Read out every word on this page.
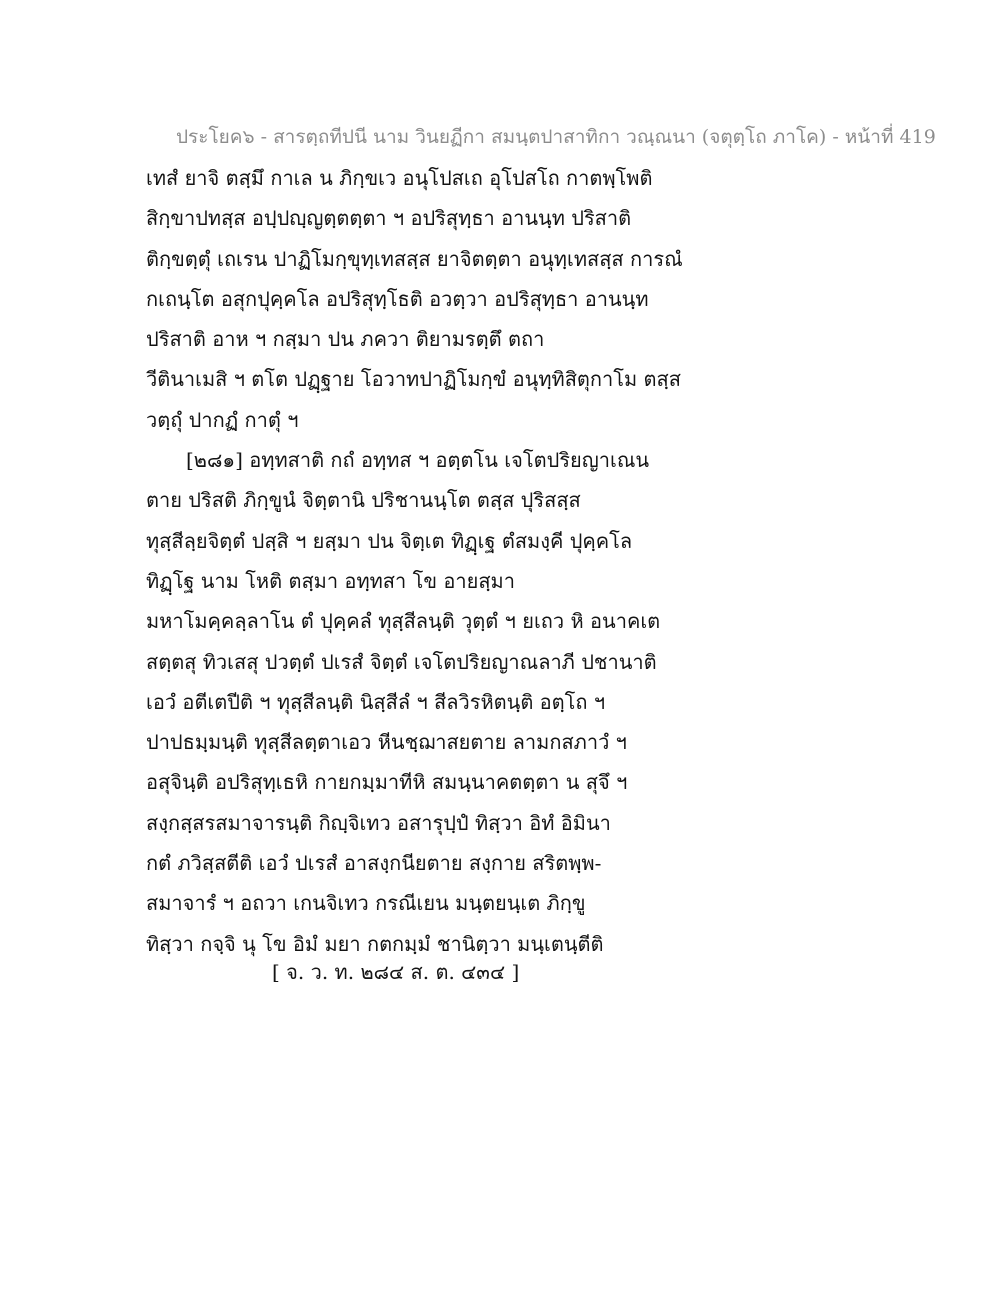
ประโยค๖ - สารตฺถทีปนี นาม วินยฏีกา สมนฺตปาสาทิกา วณฺณนา (จตุตฺโถ ภาโค) - หน้าที่ 419
เทสํ ยาจิ ตสฺมึ กาเล น ภิกฺขเว อนุโปสเถ อุโปสโถ กาตพฺโพติ
สิกฺขาปทสฺส อปฺปญฺญตฺตตฺตา ฯ อปริสุทฺธา อานนฺท ปริสาติ
ติกฺขตฺตุํ เถเรน ปาฏิโมกฺขุทฺเทสสฺส ยาจิตตฺตา อนุทฺเทสสฺส การณํ
กเถนฺโต อสุกปุคฺคโล อปริสุทฺโธติ อวตฺวา อปริสุทฺธา อานนฺท
ปริสาติ อาห ฯ กสฺมา ปน ภควา ติยามรตฺตึ ตถา
วีตินาเมสิ ฯ ตโต ปฏฺฐาย โอวาทปาฏิโมกฺขํ อนุทฺทิสิตุกาโม ตสฺส
วตฺถุํ ปากฏํ กาตุํ ฯ
[๒๘๑] อทฺทสาติ กถํ อทฺทส ฯ อตฺตโน เจโตปริยญาเณน
ตาย ปริสติ ภิกฺขูนํ จิตฺตานิ ปริชานนฺโต ตสฺส ปุริสสฺส
ทุสฺสีลฺยจิตฺตํ ปสฺสิ ฯ ยสฺมา ปน จิตฺเต ทิฏฺเฐ ตํสมงฺคี ปุคฺคโล
ทิฏฺโฐ นาม โหติ ตสฺมา อทฺทสา โข อายสฺมา
มหาโมคฺคลฺลาโน ตํ ปุคฺคลํ ทุสฺสีลนฺติ วุตฺตํ ฯ ยเถว หิ อนาคเต
สตฺตสุ ทิวเสสุ ปวตฺตํ ปเรสํ จิตฺตํ เจโตปริยญาณลาภี ปชานาติ
เอวํ อตีเตปีติ ฯ ทุสฺสีลนฺติ นิสฺสีลํ ฯ สีลวิรหิตนฺติ อตฺโถ ฯ
ปาปธมฺมนฺติ ทุสฺสีลตฺตาเอว หีนชฺฌาสยตาย ลามกสภาวํ ฯ
อสุจินฺติ อปริสุทฺเธหิ กายกมฺมาทีหิ สมนฺนาคตตฺตา น สุจึ ฯ
สงฺกสฺสรสมาจารนฺติ กิญฺจิเทว อสารุปฺปํ ทิสฺวา อิทํ อิมินา
กตํ ภวิสฺสตีติ เอวํ ปเรสํ อาสงฺกนียตาย สงฺกาย สริตพฺพ-
สมาจารํ ฯ อถวา เกนจิเทว กรณีเยน มนฺตยนฺเต ภิกฺขู
ทิสฺวา กจฺจิ นุ โข อิมํ มยา กตกมฺมํ ชานิตฺวา มนฺเตนฺตีติ
[ จ. ว. ท. ๒๘๔ ส. ต. ๔๓๔ ]
